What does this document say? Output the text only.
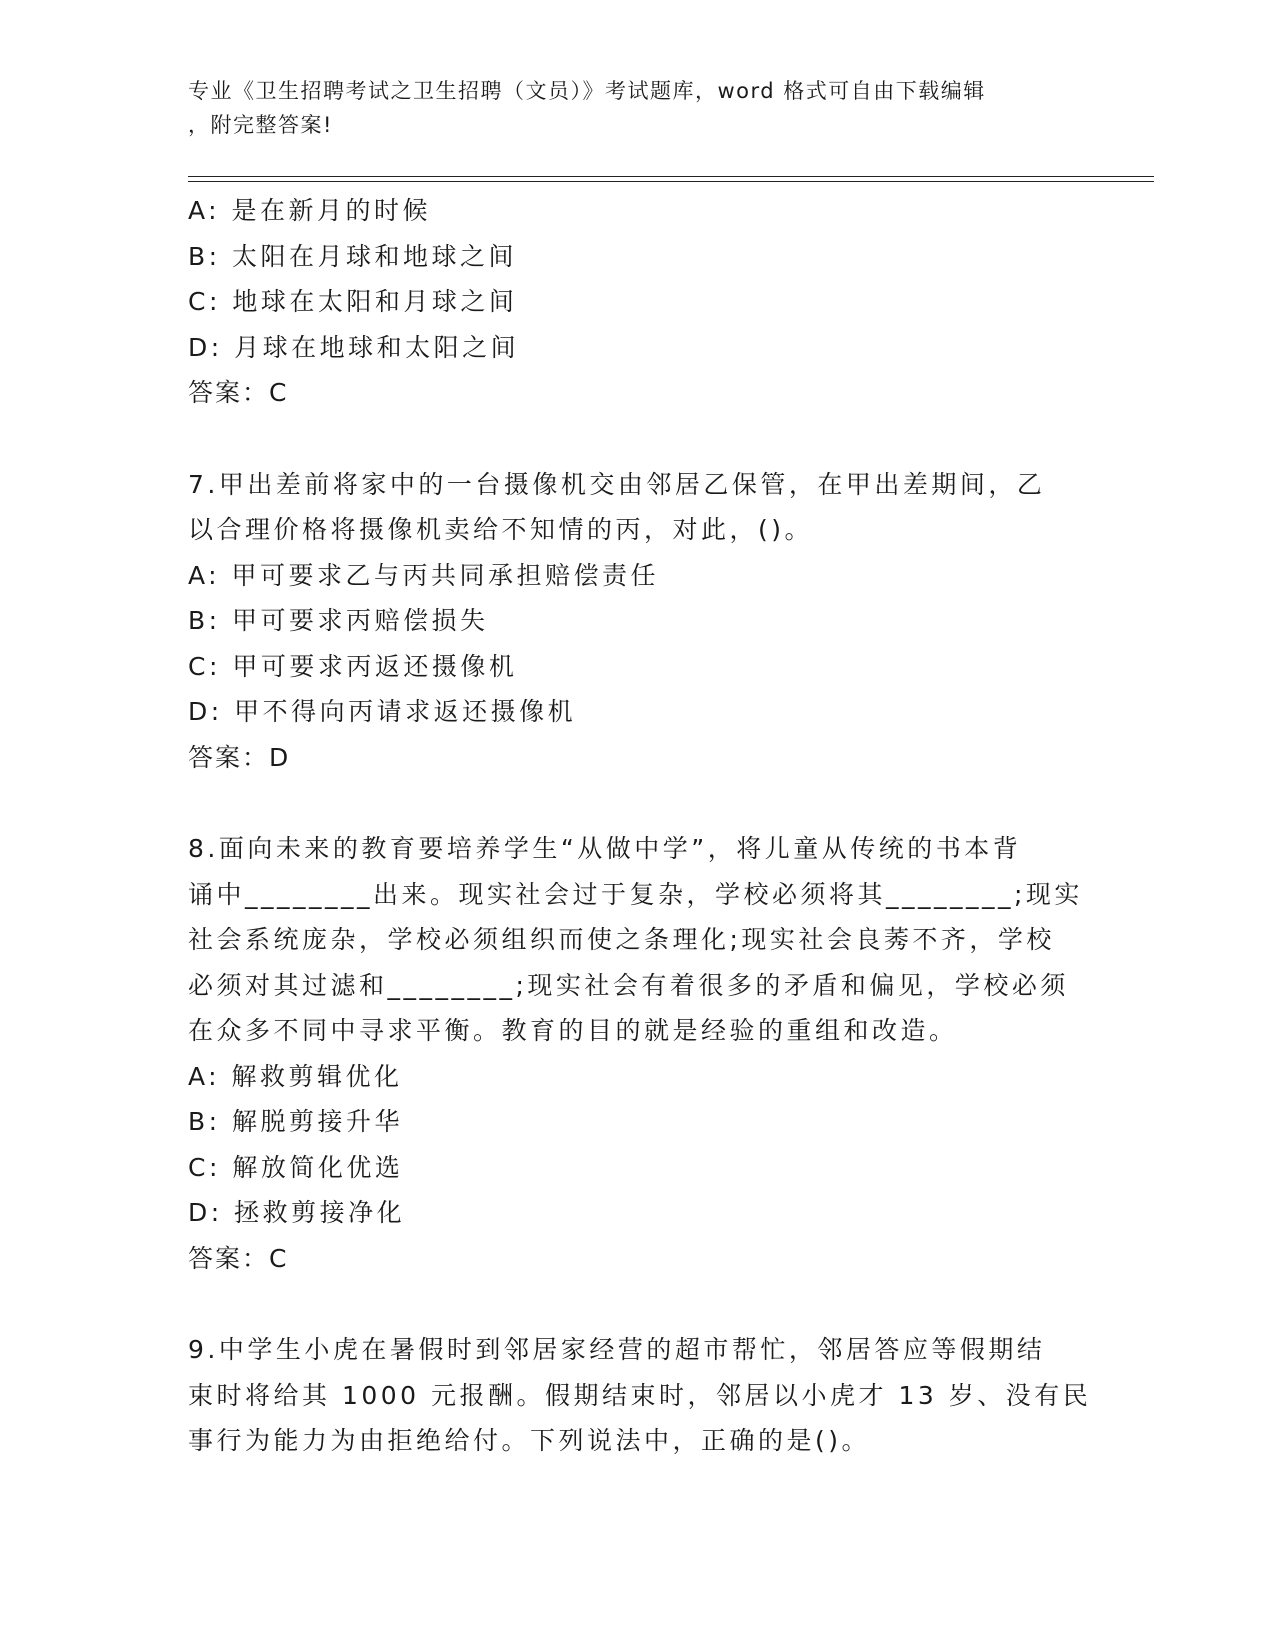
专业《卫生招聘考试之卫生招聘（文员）》考试题库，word 格式可自由下载编辑
，附完整答案!

A: 是在新月的时候

B: 太阳在月球和地球之间

C: 地球在太阳和月球之间

D: 月球在地球和太阳之间

答案：C

7.甲出差前将家中的一台摄像机交由邻居乙保管，在甲出差期间，乙
以合理价格将摄像机卖给不知情的丙，对此，()。

A: 甲可要求乙与丙共同承担赔偿责任

B: 甲可要求丙赔偿损失

C: 甲可要求丙返还摄像机

D: 甲不得向丙请求返还摄像机

答案：D

8.面向未来的教育要培养学生“从做中学”，将儿童从传统的书本背
诵中________出来。现实社会过于复杂，学校必须将其________;现实
社会系统庞杂，学校必须组织而使之条理化;现实社会良莠不齐，学校
必须对其过滤和________;现实社会有着很多的矛盾和偏见，学校必须
在众多不同中寻求平衡。教育的目的就是经验的重组和改造。

A: 解救剪辑优化

B: 解脱剪接升华

C: 解放简化优选

D: 拯救剪接净化

答案：C

9.中学生小虎在暑假时到邻居家经营的超市帮忙，邻居答应等假期结
束时将给其 1000 元报酬。假期结束时，邻居以小虎才 13 岁、没有民
事行为能力为由拒绝给付。下列说法中，正确的是()。
